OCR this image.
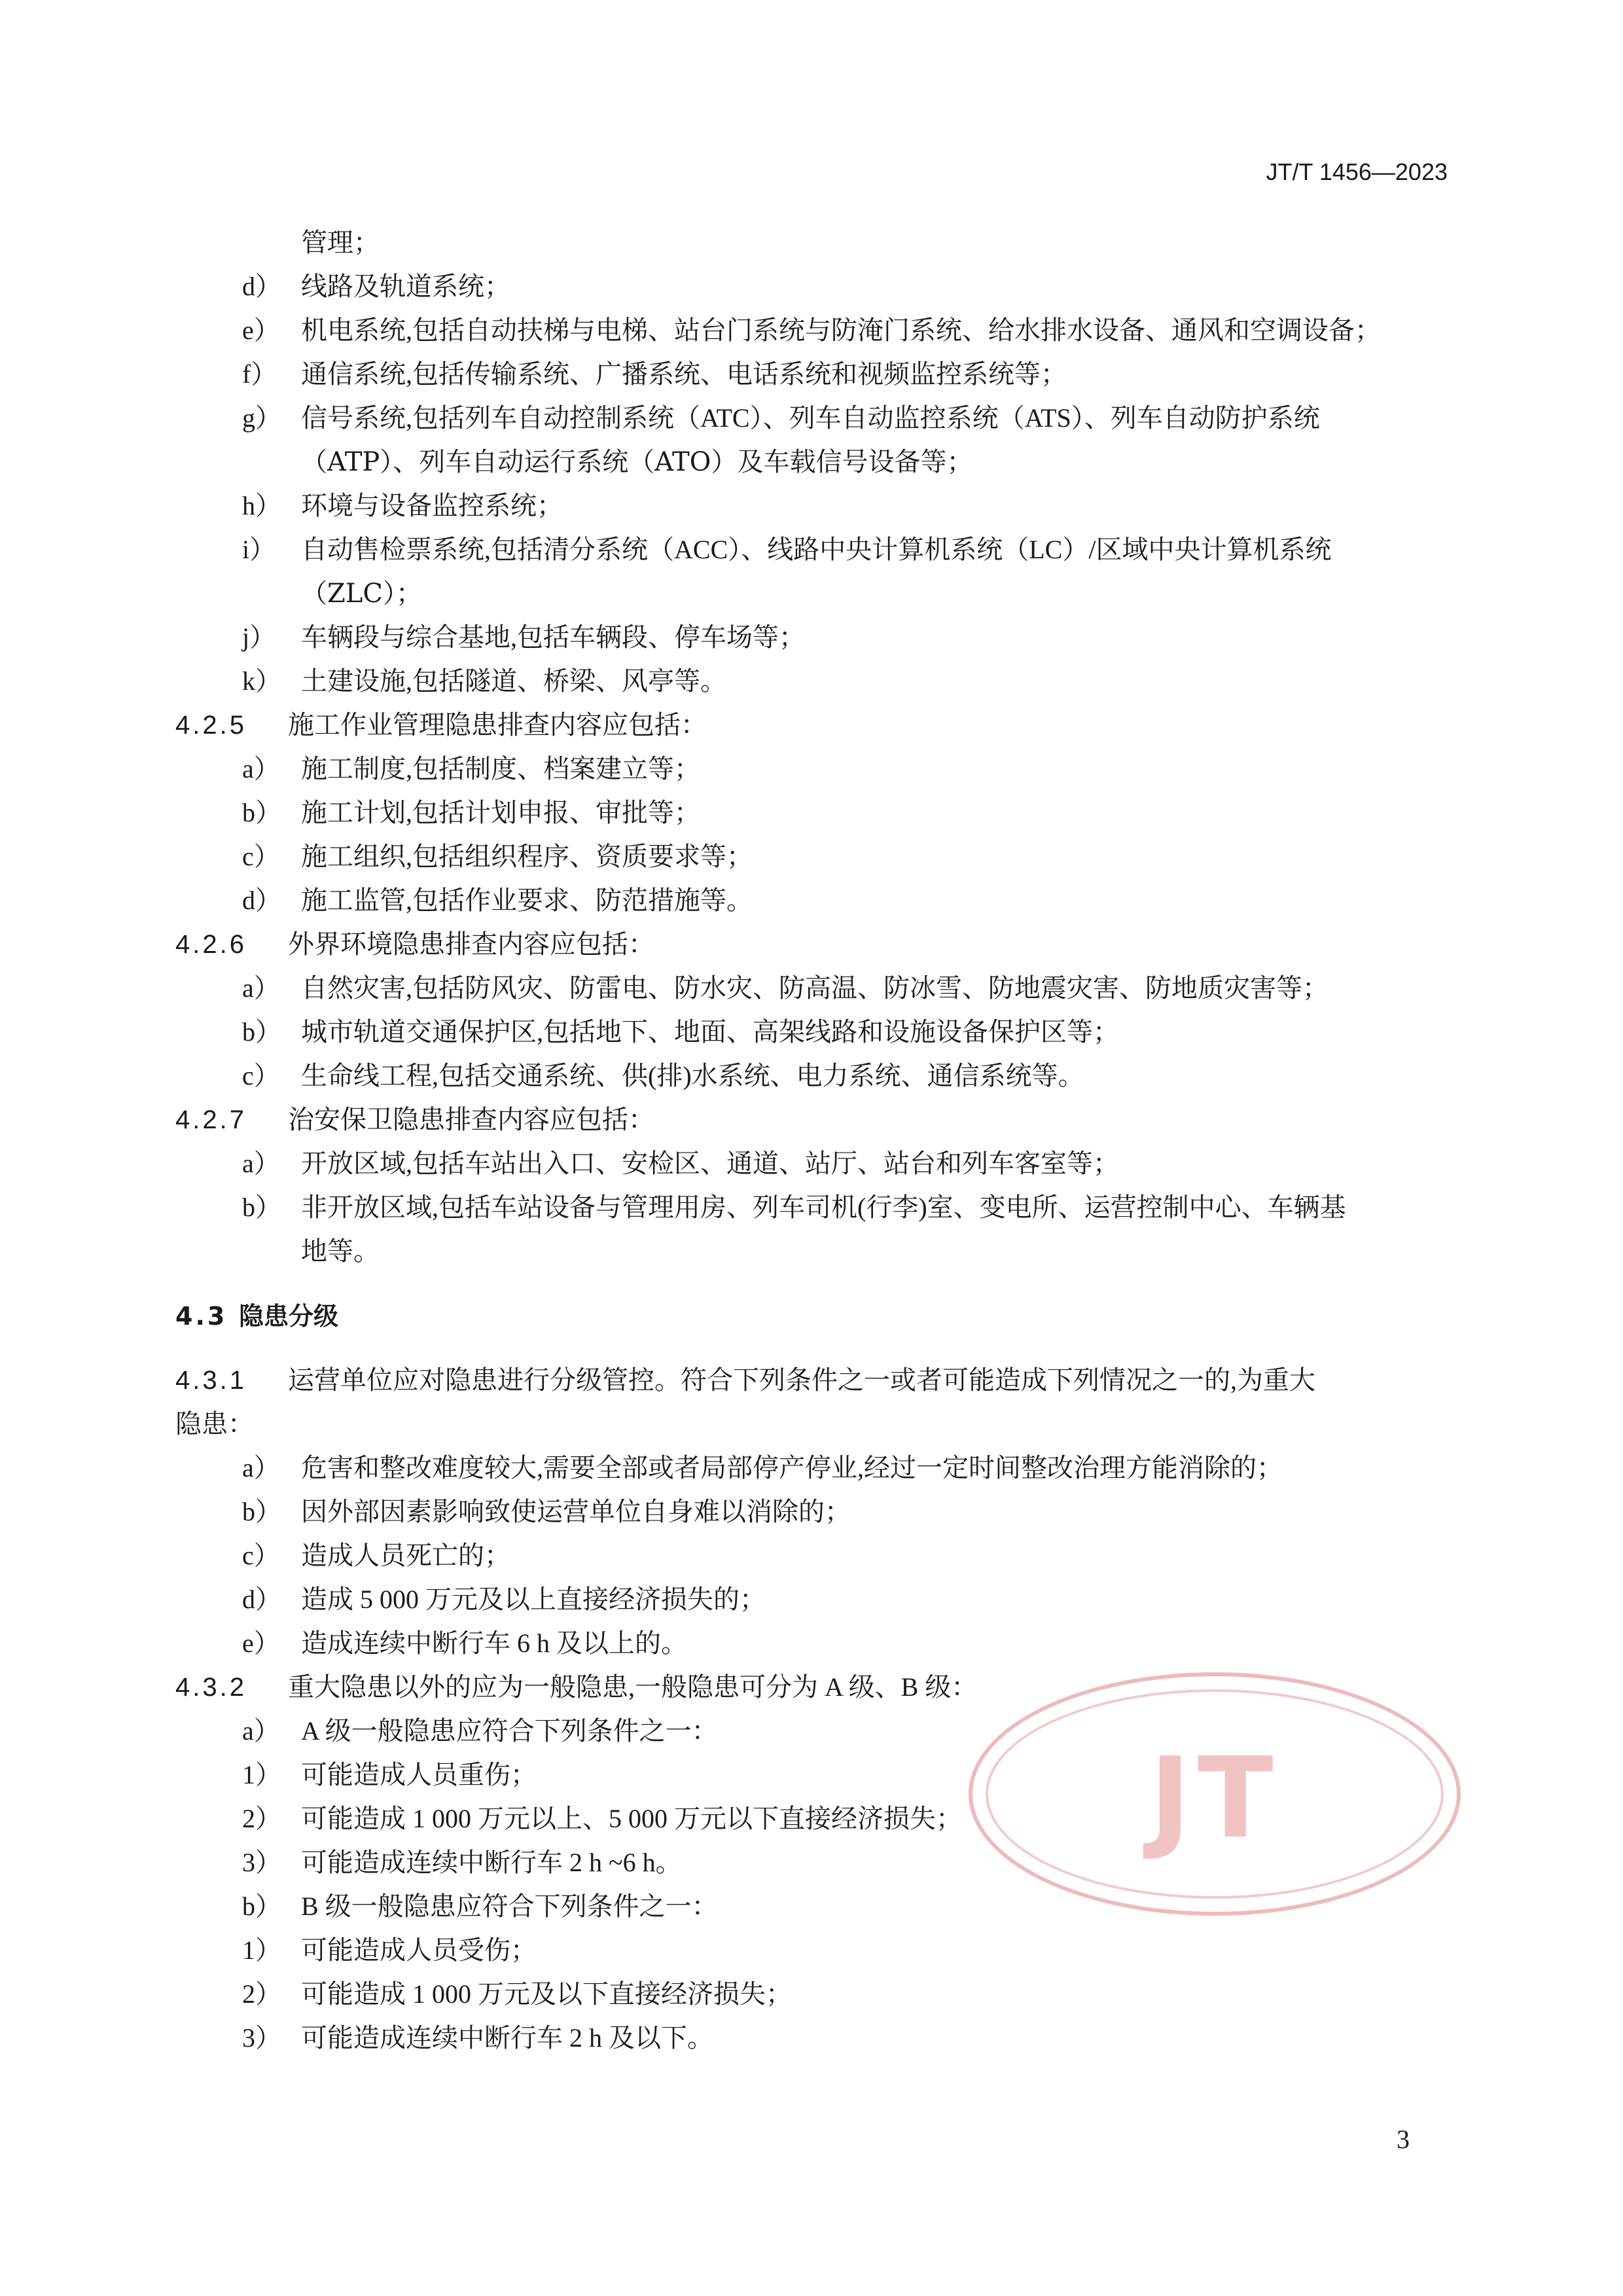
JT/T 1456—2023
JT
管理；
d） 线路及轨道系统；
e） 机电系统,包括自动扶梯与电梯、站台门系统与防淹门系统、给水排水设备、通风和空调设备；
f） 通信系统,包括传输系统、广播系统、电话系统和视频监控系统等；
g） 信号系统,包括列车自动控制系统（ATC）、列车自动监控系统（ATS）、列车自动防护系统
（ATP）、列车自动运行系统（ATO）及车载信号设备等；
h） 环境与设备监控系统；
i） 自动售检票系统,包括清分系统（ACC）、线路中央计算机系统（LC）/区域中央计算机系统
（ZLC）；
j） 车辆段与综合基地,包括车辆段、停车场等；
k） 土建设施,包括隧道、桥梁、风亭等。
4.2.5 施工作业管理隐患排查内容应包括：
a） 施工制度,包括制度、档案建立等；
b） 施工计划,包括计划申报、审批等；
c） 施工组织,包括组织程序、资质要求等；
d） 施工监管,包括作业要求、防范措施等。
4.2.6 外界环境隐患排查内容应包括：
a） 自然灾害,包括防风灾、防雷电、防水灾、防高温、防冰雪、防地震灾害、防地质灾害等；
b） 城市轨道交通保护区,包括地下、地面、高架线路和设施设备保护区等；
c） 生命线工程,包括交通系统、供(排)水系统、电力系统、通信系统等。
4.2.7 治安保卫隐患排查内容应包括：
a） 开放区域,包括车站出入口、安检区、通道、站厅、站台和列车客室等；
b） 非开放区域,包括车站设备与管理用房、列车司机(行李)室、变电所、运营控制中心、车辆基
地等。
4.3 隐患分级
4.3.1 运营单位应对隐患进行分级管控。符合下列条件之一或者可能造成下列情况之一的,为重大
隐患：
a） 危害和整改难度较大,需要全部或者局部停产停业,经过一定时间整改治理方能消除的；
b） 因外部因素影响致使运营单位自身难以消除的；
c） 造成人员死亡的；
d） 造成 5 000 万元及以上直接经济损失的；
e） 造成连续中断行车 6 h 及以上的。
4.3.2 重大隐患以外的应为一般隐患,一般隐患可分为 A 级、B 级：
a） A 级一般隐患应符合下列条件之一：
1） 可能造成人员重伤；
2） 可能造成 1 000 万元以上、5 000 万元以下直接经济损失；
3） 可能造成连续中断行车 2 h ~6 h。
b） B 级一般隐患应符合下列条件之一：
1） 可能造成人员受伤；
2） 可能造成 1 000 万元及以下直接经济损失；
3） 可能造成连续中断行车 2 h 及以下。
3
